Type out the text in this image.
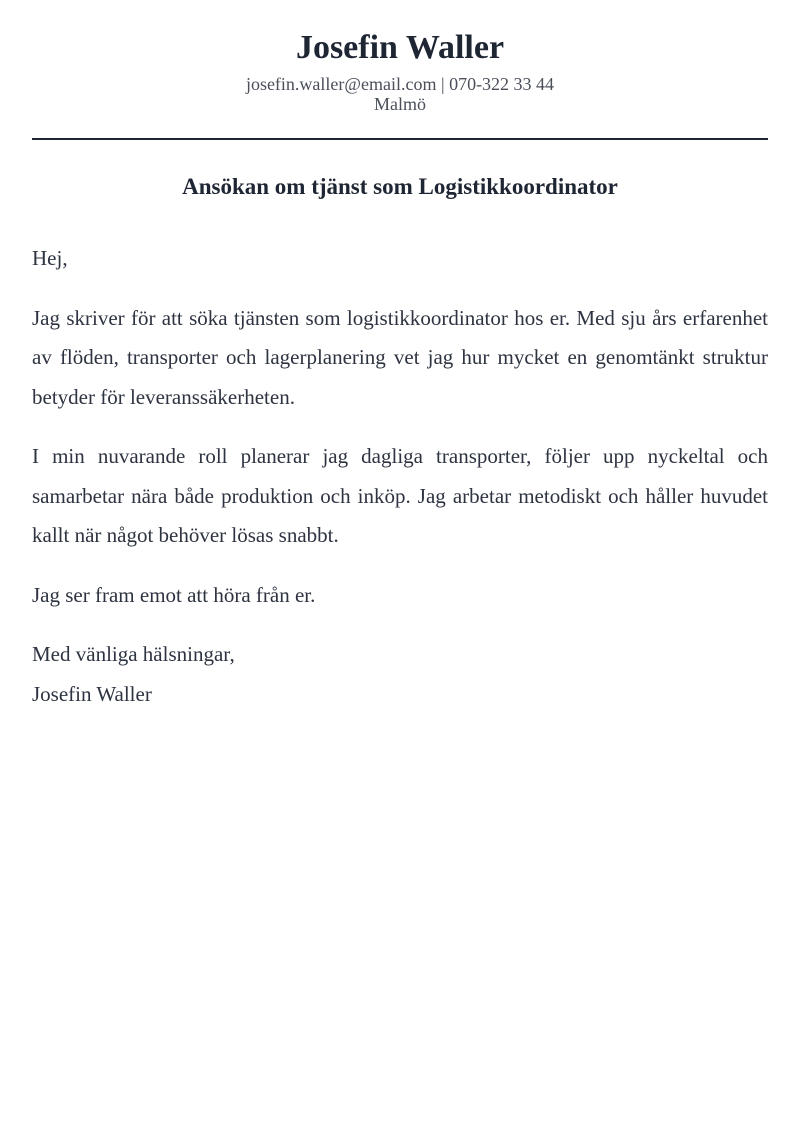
Josefin Waller
josefin.waller@email.com | 070-322 33 44
Malmö
Ansökan om tjänst som Logistikkoordinator
Hej,
Jag skriver för att söka tjänsten som logistikkoordinator hos er. Med sju års erfarenhet av flöden, transporter och lagerplanering vet jag hur mycket en genomtänkt struktur betyder för leveranssäkerheten.
I min nuvarande roll planerar jag dagliga transporter, följer upp nyckeltal och samarbetar nära både produktion och inköp. Jag arbetar metodiskt och håller huvudet kallt när något behöver lösas snabbt.
Jag ser fram emot att höra från er.
Med vänliga hälsningar,
Josefin Waller
